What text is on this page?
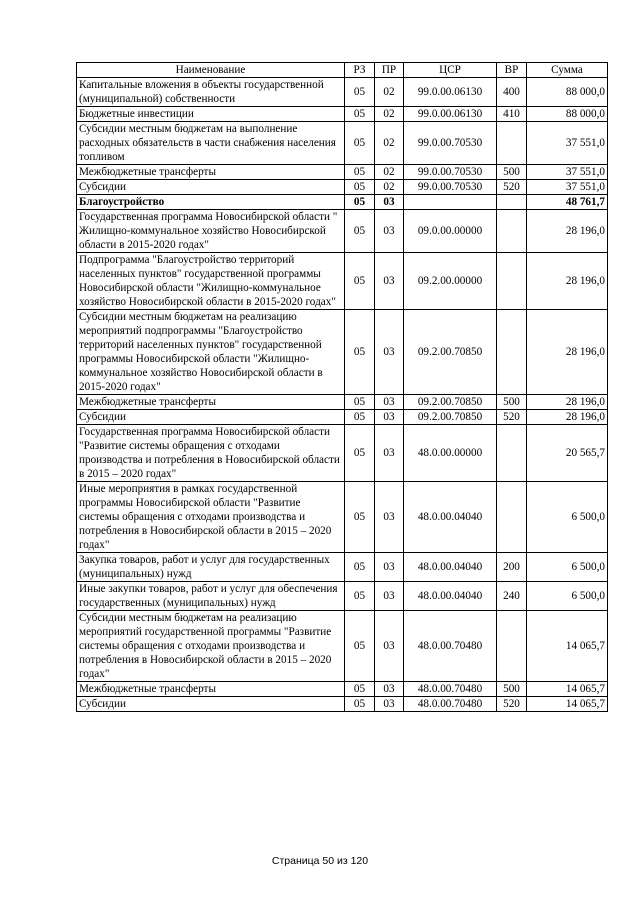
Наименование	РЗ	ПР	ЦСР	ВР	Сумма
Капитальные вложения в объекты государственной (муниципальной) собственности	05	02	99.0.00.06130	400	88 000,0
Бюджетные инвестиции	05	02	99.0.00.06130	410	88 000,0
Субсидии местным бюджетам на выполнение расходных обязательств в части снабжения населения топливом	05	02	99.0.00.70530		37 551,0
Межбюджетные трансферты	05	02	99.0.00.70530	500	37 551,0
Субсидии	05	02	99.0.00.70530	520	37 551,0
Благоустройство	05	03			48 761,7
Государственная программа Новосибирской области " Жилищно-коммунальное хозяйство Новосибирской области в 2015-2020 годах"	05	03	09.0.00.00000		28 196,0
Подпрограмма "Благоустройство территорий населенных пунктов" государственной программы Новосибирской области "Жилищно-коммунальное хозяйство Новосибирской области в 2015-2020 годах"	05	03	09.2.00.00000		28 196,0
Субсидии местным бюджетам на реализацию мероприятий подпрограммы "Благоустройство территорий населенных пунктов" государственной программы Новосибирской области "Жилищно-коммунальное хозяйство Новосибирской области в 2015-2020 годах"	05	03	09.2.00.70850		28 196,0
Межбюджетные трансферты	05	03	09.2.00.70850	500	28 196,0
Субсидии	05	03	09.2.00.70850	520	28 196,0
Государственная программа Новосибирской области "Развитие системы обращения с отходами производства и потребления в Новосибирской области в 2015 – 2020 годах"	05	03	48.0.00.00000		20 565,7
Иные мероприятия в рамках государственной программы Новосибирской области "Развитие системы обращения с отходами производства и потребления в Новосибирской области в 2015 – 2020 годах"	05	03	48.0.00.04040		6 500,0
Закупка товаров, работ и услуг для государственных (муниципальных) нужд	05	03	48.0.00.04040	200	6 500,0
Иные закупки товаров, работ и услуг для обеспечения государственных (муниципальных) нужд	05	03	48.0.00.04040	240	6 500,0
Субсидии местным бюджетам на реализацию мероприятий государственной программы "Развитие системы обращения с отходами производства и потребления в Новосибирской области в 2015 – 2020 годах"	05	03	48.0.00.70480		14 065,7
Межбюджетные трансферты	05	03	48.0.00.70480	500	14 065,7
Субсидии	05	03	48.0.00.70480	520	14 065,7
Страница 50 из 120
